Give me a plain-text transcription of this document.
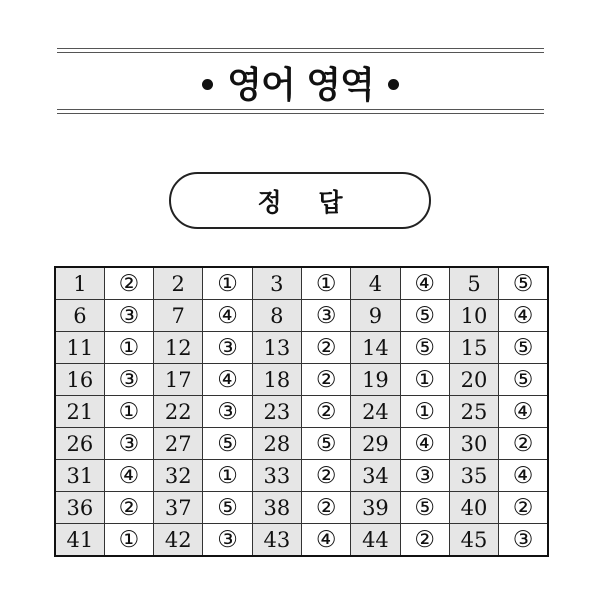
영어 영역
정 답
1	②	2	①	3	①	4	④	5	⑤
6	③	7	④	8	③	9	⑤	10	④
11	①	12	③	13	②	14	⑤	15	⑤
16	③	17	④	18	②	19	①	20	⑤
21	①	22	③	23	②	24	①	25	④
26	③	27	⑤	28	⑤	29	④	30	②
31	④	32	①	33	②	34	③	35	④
36	②	37	⑤	38	②	39	⑤	40	②
41	①	42	③	43	④	44	②	45	③
